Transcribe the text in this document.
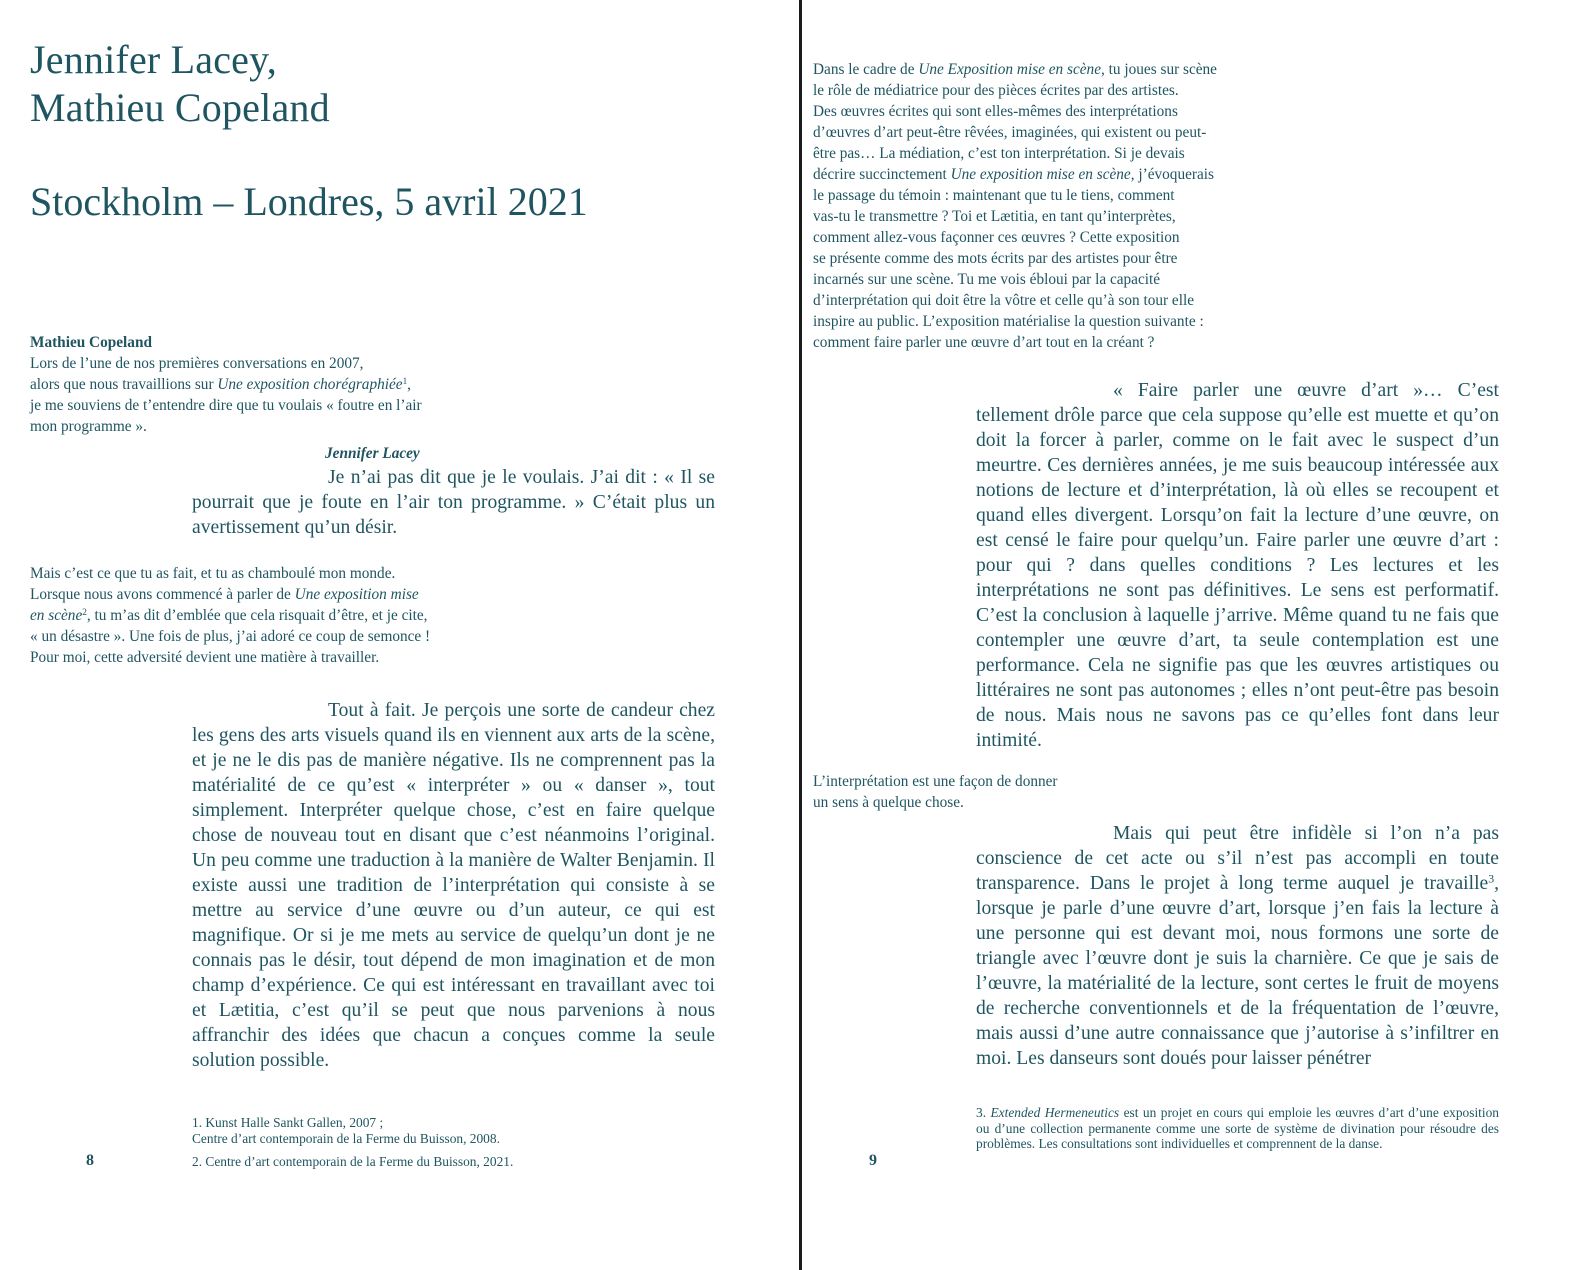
Jennifer Lacey,
Mathieu Copeland
Stockholm – Londres, 5 avril 2021

Mathieu Copeland

Lors de l’une de nos premières conversations en 2007,

alors que nous travaillions sur Une exposition chorégraphiée$^1$,

je me souviens de t’entendre dire que tu voulais « foutre en l’air

mon programme ».

Jennifer Lacey
Je n’ai pas dit que je le voulais. J’ai dit : « Il se pourrait que je foute en l’air ton programme. » C’était plus un avertissement qu’un désir.

Mais c’est ce que tu as fait, et tu as chamboulé mon monde.

Lorsque nous avons commencé à parler de Une exposition mise

en scène$^2$, tu m’as dit d’emblée que cela risquait d’être, et je cite,

« un désastre ». Une fois de plus, j’ai adoré ce coup de semonce !

Pour moi, cette adversité devient une matière à travailler.

Tout à fait. Je perçois une sorte de candeur chez les gens des arts visuels quand ils en viennent aux arts de la scène, et je ne le dis pas de manière négative. Ils ne comprennent pas la matérialité de ce qu’est « interpréter » ou « danser », tout simplement. Interpréter quelque chose, c’est en faire quelque chose de nouveau tout en disant que c’est néanmoins l’original. Un peu comme une traduction à la manière de Walter Benjamin. Il existe aussi une tradition de l’interprétation qui consiste à se mettre au service d’une œuvre ou d’un auteur, ce qui est magnifique. Or si je me mets au service de quelqu’un dont je ne connais pas le désir, tout dépend de mon imagination et de mon champ d’expérience. Ce qui est intéressant en travaillant avec toi et Lætitia, c’est qu’il se peut que nous parvenions à nous affranchir des idées que chacun a conçues comme la seule solution possible.

1. Kunst Halle Sankt Gallen, 2007 ;

Centre d’art contemporain de la Ferme du Buisson, 2008.

2. Centre d’art contemporain de la Ferme du Buisson, 2021.

8

Dans le cadre de Une Exposition mise en scène, tu joues sur scène

le rôle de médiatrice pour des pièces écrites par des artistes.

Des œuvres écrites qui sont elles-mêmes des interprétations

d’œuvres d’art peut-être rêvées, imaginées, qui existent ou peut-

être pas… La médiation, c’est ton interprétation. Si je devais

décrire succinctement Une exposition mise en scène, j’évoquerais

le passage du témoin : maintenant que tu le tiens, comment

vas-tu le transmettre ? Toi et Lætitia, en tant qu’interprètes,

comment allez-vous façonner ces œuvres ? Cette exposition

se présente comme des mots écrits par des artistes pour être

incarnés sur une scène. Tu me vois ébloui par la capacité

d’interprétation qui doit être la vôtre et celle qu’à son tour elle

inspire au public. L’exposition matérialise la question suivante :

comment faire parler une œuvre d’art tout en la créant ?

« Faire parler une œuvre d’art »… C’est tellement drôle parce que cela suppose qu’elle est muette et qu’on doit la forcer à parler, comme on le fait avec le suspect d’un meurtre. Ces dernières années, je me suis beaucoup intéressée aux notions de lecture et d’interprétation, là où elles se recoupent et quand elles divergent. Lorsqu’on fait la lecture d’une œuvre, on est censé le faire pour quelqu’un. Faire parler une œuvre d’art : pour qui ? dans quelles conditions ? Les lectures et les interprétations ne sont pas définitives. Le sens est performatif. C’est la conclusion à laquelle j’arrive. Même quand tu ne fais que contempler une œuvre d’art, ta seule contemplation est une performance. Cela ne signifie pas que les œuvres artistiques ou littéraires ne sont pas autonomes ; elles n’ont peut-être pas besoin de nous. Mais nous ne savons pas ce qu’elles font dans leur intimité.

L’interprétation est une façon de donner

un sens à quelque chose.

Mais qui peut être infidèle si l’on n’a pas conscience de cet acte ou s’il n’est pas accompli en toute transparence. Dans le projet à long terme auquel je travaille$^3$, lorsque je parle d’une œuvre d’art, lorsque j’en fais la lecture à une personne qui est devant moi, nous formons une sorte de triangle avec l’œuvre dont je suis la charnière. Ce que je sais de l’œuvre, la matérialité de la lecture, sont certes le fruit de moyens de recherche conventionnels et de la fréquentation de l’œuvre, mais aussi d’une autre connaissance que j’autorise à s’infiltrer en moi. Les danseurs sont doués pour laisser pénétrer
3. Extended Hermeneutics est un projet en cours qui emploie les œuvres d’art d’une exposition ou d’une collection permanente comme une sorte de système de divination pour résoudre des problèmes. Les consultations sont individuelles et comprennent de la danse.
9
